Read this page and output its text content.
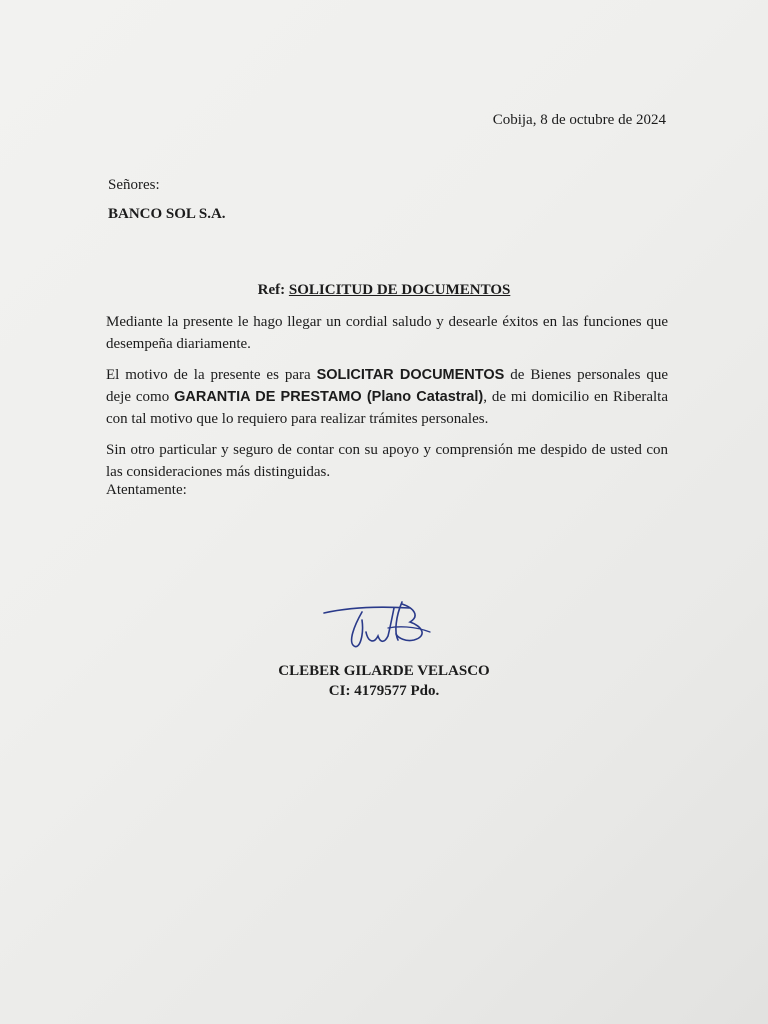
Cobija, 8 de octubre de 2024
Señores:
BANCO SOL S.A.
Ref: SOLICITUD DE DOCUMENTOS

Mediante la presente le hago llegar un cordial saludo y desearle éxitos en las funciones que desempeña diariamente.

El motivo de la presente es para SOLICITAR DOCUMENTOS de Bienes personales que deje como GARANTIA DE PRESTAMO (Plano Catastral), de mi domicilio en Riberalta con tal motivo que lo requiero para realizar trámites personales.

Sin otro particular y seguro de contar con su apoyo y comprensión me despido de usted con las consideraciones más distinguidas.

Atentamente:
CLEBER GILARDE VELASCO
CI: 4179577 Pdo.
